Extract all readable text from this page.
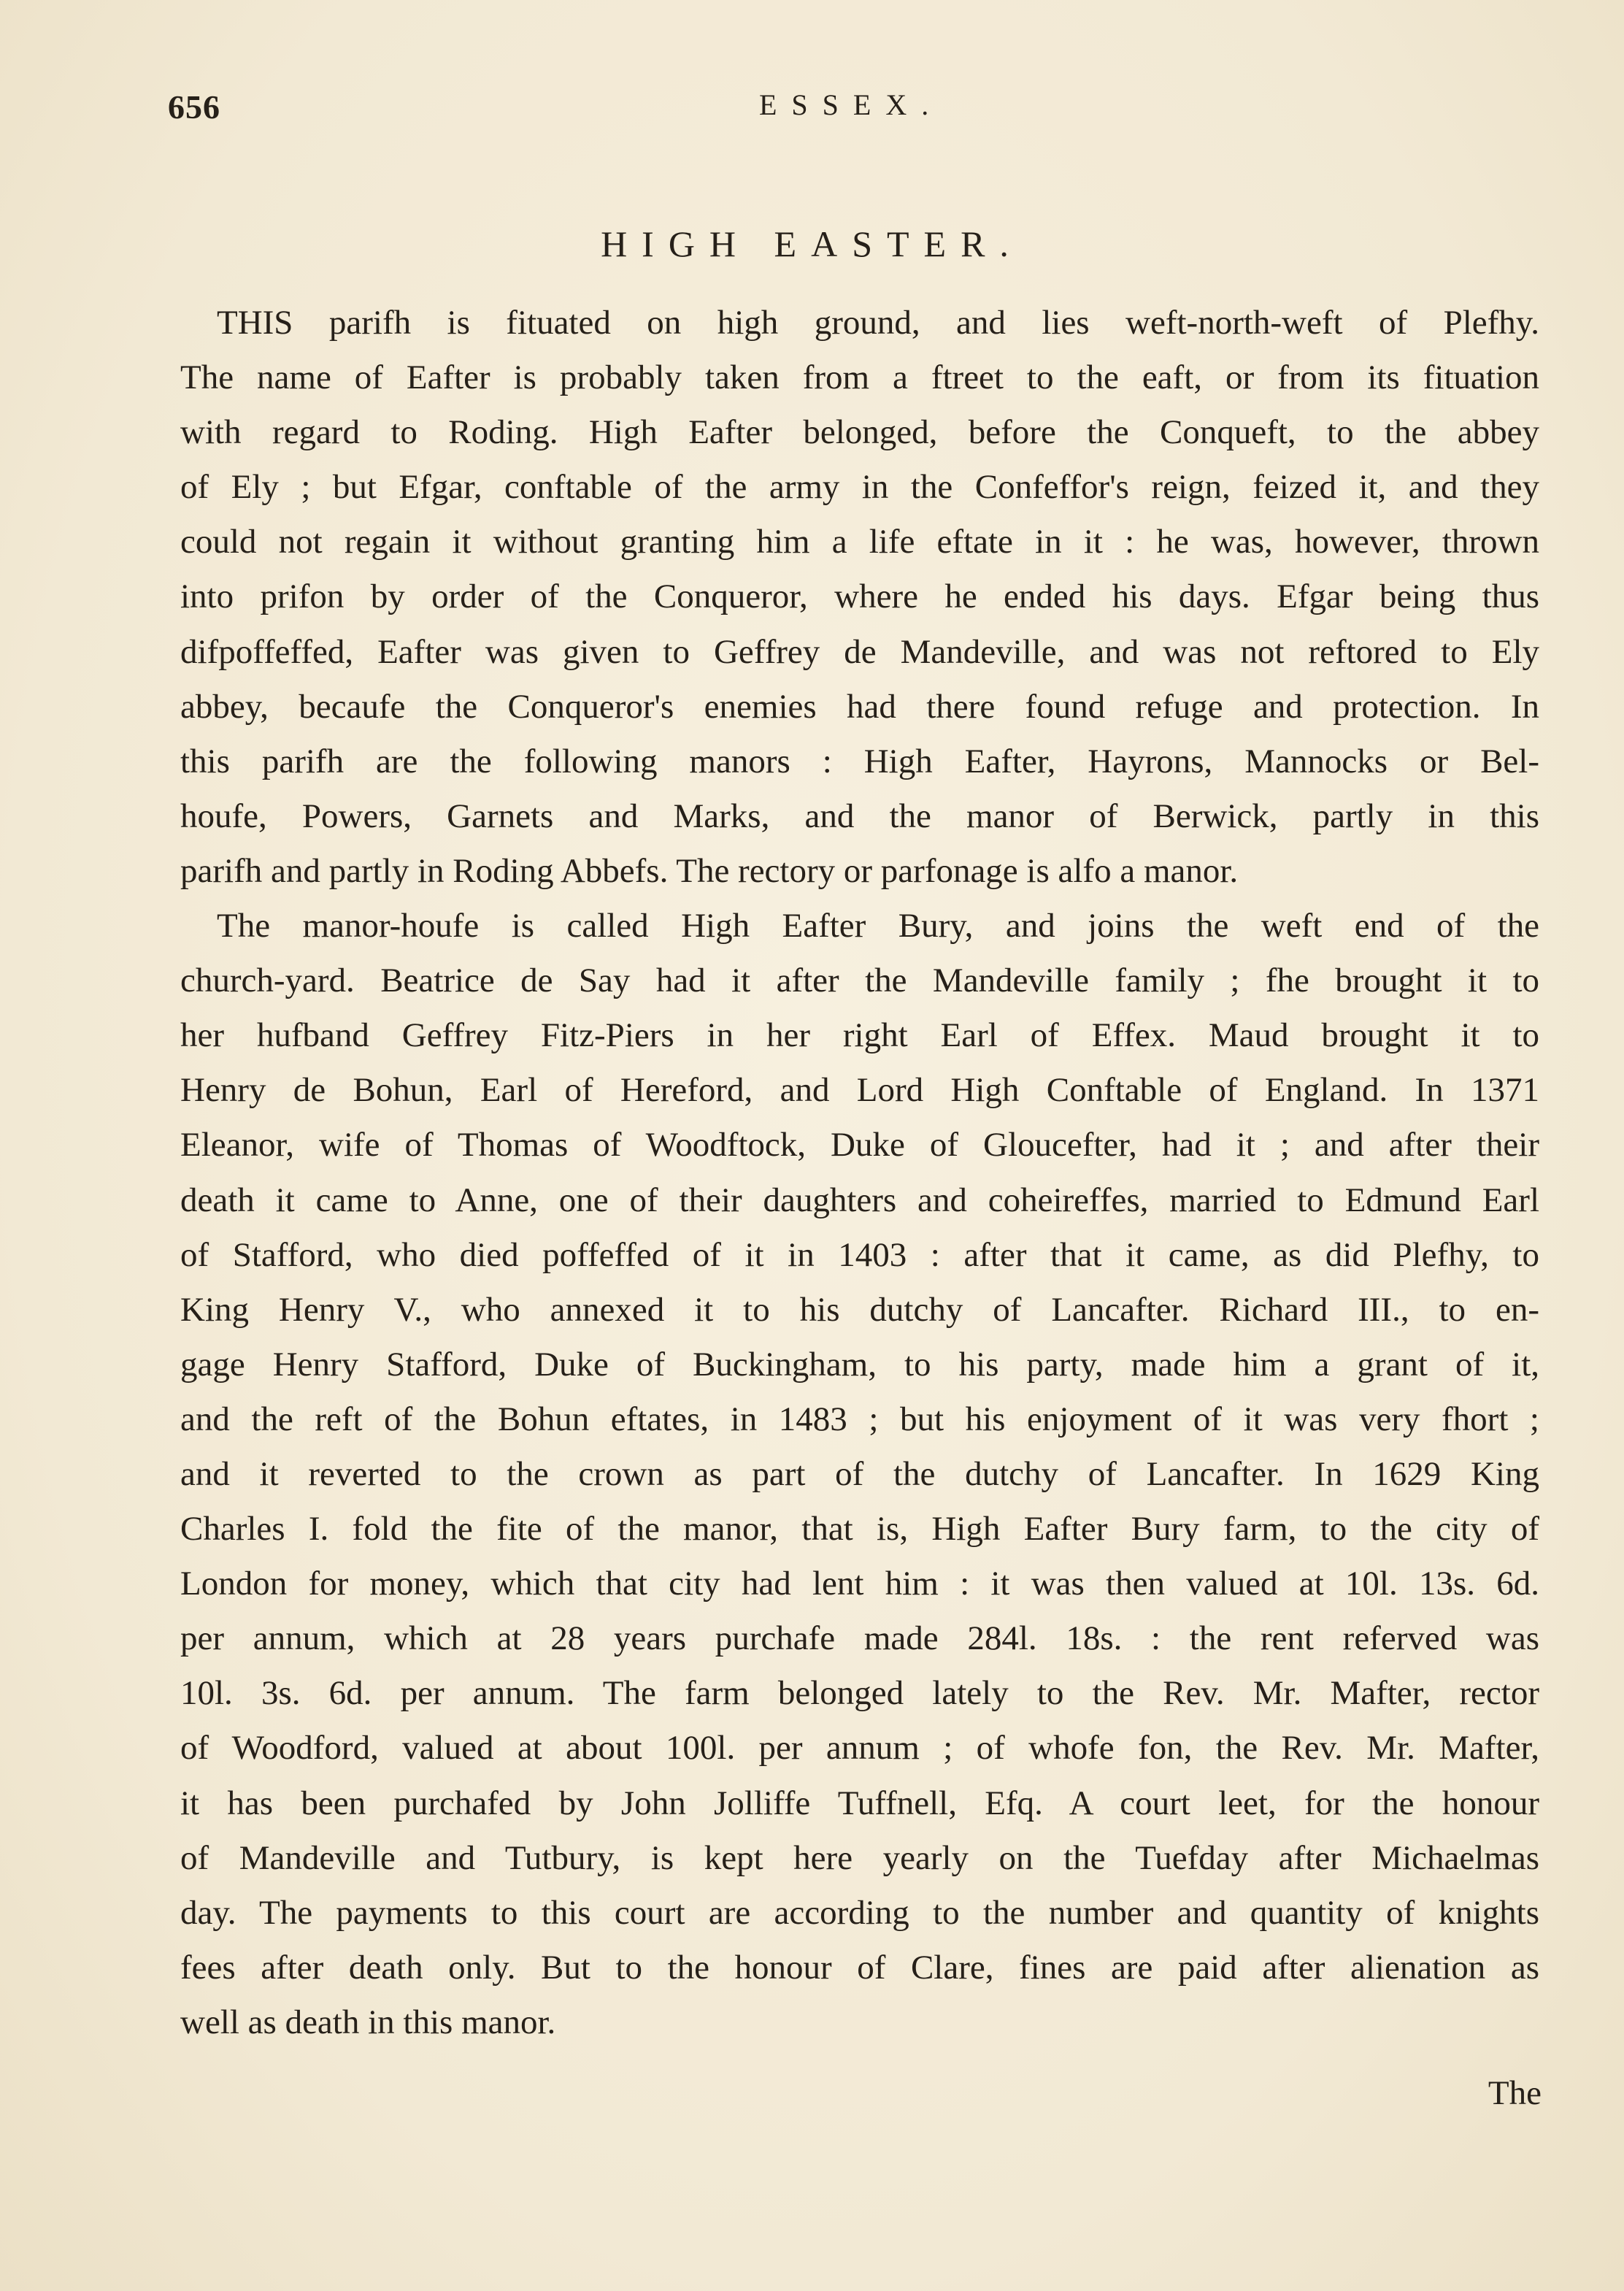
656	ESSEX.
HIGH EASTER.
THIS parifh is fituated on high ground, and lies weft-north-weft of Plefhy.
The name of Eafter is probably taken from a ftreet to the eaft, or from its fituation
with regard to Roding. High Eafter belonged, before the Conqueft, to the abbey
of Ely ; but Efgar, conftable of the army in the Confeffor's reign, feized it, and they
could not regain it without granting him a life eftate in it : he was, however, thrown
into prifon by order of the Conqueror, where he ended his days. Efgar being thus
difpoffeffed, Eafter was given to Geffrey de Mandeville, and was not reftored to Ely
abbey, becaufe the Conqueror's enemies had there found refuge and protection. In
this parifh are the following manors : High Eafter, Hayrons, Mannocks or Bel-
houfe, Powers, Garnets and Marks, and the manor of Berwick, partly in this
parifh and partly in Roding Abbefs. The rectory or parfonage is alfo a manor.
The manor-houfe is called High Eafter Bury, and joins the weft end of the
church-yard. Beatrice de Say had it after the Mandeville family ; fhe brought it to
her hufband Geffrey Fitz-Piers in her right Earl of Effex. Maud brought it to
Henry de Bohun, Earl of Hereford, and Lord High Conftable of England. In 1371
Eleanor, wife of Thomas of Woodftock, Duke of Gloucefter, had it ; and after their
death it came to Anne, one of their daughters and coheireffes, married to Edmund Earl
of Stafford, who died poffeffed of it in 1403 : after that it came, as did Plefhy, to
King Henry V., who annexed it to his dutchy of Lancafter. Richard III., to en-
gage Henry Stafford, Duke of Buckingham, to his party, made him a grant of it,
and the reft of the Bohun eftates, in 1483 ; but his enjoyment of it was very fhort ;
and it reverted to the crown as part of the dutchy of Lancafter. In 1629 King
Charles I. fold the fite of the manor, that is, High Eafter Bury farm, to the city of
London for money, which that city had lent him : it was then valued at 10l. 13s. 6d.
per annum, which at 28 years purchafe made 284l. 18s. : the rent referved was
10l. 3s. 6d. per annum. The farm belonged lately to the Rev. Mr. Mafter, rector
of Woodford, valued at about 100l. per annum ; of whofe fon, the Rev. Mr. Mafter,
it has been purchafed by John Jolliffe Tuffnell, Efq. A court leet, for the honour
of Mandeville and Tutbury, is kept here yearly on the Tuefday after Michaelmas
day. The payments to this court are according to the number and quantity of knights
fees after death only. But to the honour of Clare, fines are paid after alienation as
well as death in this manor.
The
